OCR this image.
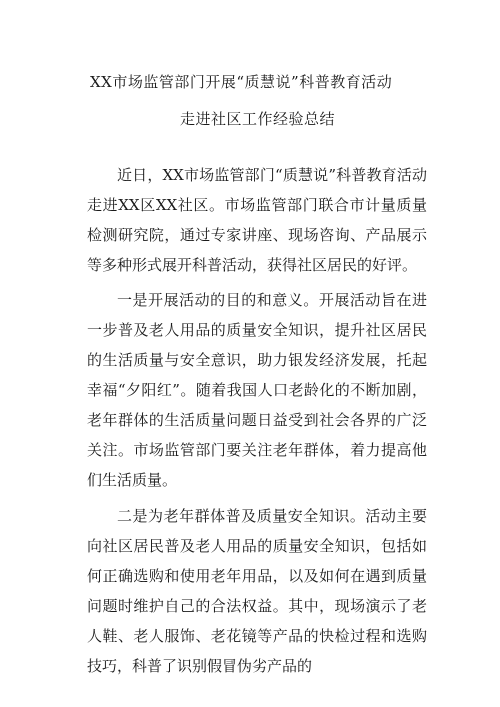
XX市场监管部门开展“质慧说”科普教育活动
走进社区工作经验总结

近日，XX市场监管部门“质慧说”科普教育活动走进XX区XX社区。市场监管部门联合市计量质量检测研究院，通过专家讲座、现场咨询、产品展示等多种形式展开科普活动，获得社区居民的好评。

一是开展活动的目的和意义。开展活动旨在进一步普及老人用品的质量安全知识，提升社区居民的生活质量与安全意识，助力银发经济发展，托起幸福“夕阳红”。随着我国人口老龄化的不断加剧，老年群体的生活质量问题日益受到社会各界的广泛关注。市场监管部门要关注老年群体，着力提高他们生活质量。

二是为老年群体普及质量安全知识。活动主要向社区居民普及老人用品的质量安全知识，包括如何正确选购和使用老年用品，以及如何在遇到质量问题时维护自己的合法权益。其中，现场演示了老人鞋、老人服饰、老花镜等产品的快检过程和选购技巧，科普了识别假冒伪劣产品的
